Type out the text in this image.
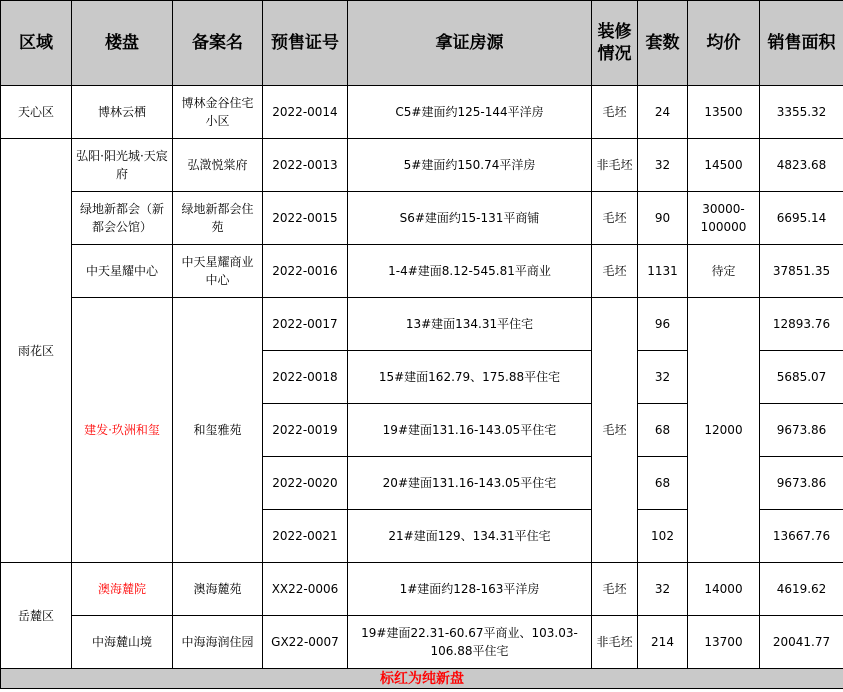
区域	楼盘	备案名	预售证号	拿证房源	装修情况	套数	均价	销售面积
天心区	博林云栖	博林金谷住宅小区	2022-0014	C5#建面约125-144平洋房	毛坯	24	13500	3355.32
雨花区	弘阳·阳光城·天宸府	弘澂悦棠府	2022-0013	5#建面约150.74平洋房	非毛坯	32	14500	4823.68
	绿地新都会（新都会公馆）	绿地新都会住苑	2022-0015	S6#建面约15-131平商铺	毛坯	90	30000-100000	6695.14
	中天星耀中心	中天星耀商业中心	2022-0016	1-4#建面8.12-545.81平商业	毛坯	1131	待定	37851.35
	建发·玖洲和玺	和玺雅苑	2022-0017	13#建面134.31平住宅	毛坯	96	12000	12893.76
			2022-0018	15#建面162.79、175.88平住宅		32		5685.07
			2022-0019	19#建面131.16-143.05平住宅		68		9673.86
			2022-0020	20#建面131.16-143.05平住宅		68		9673.86
			2022-0021	21#建面129、134.31平住宅		102		13667.76
岳麓区	澳海麓院	澳海麓苑	XX22-0006	1#建面约128-163平洋房	毛坯	32	14000	4619.62
	中海麓山境	中海海润住园	GX22-0007	19#建面22.31-60.67平商业、103.03-106.88平住宅	非毛坯	214	13700	20041.77
标红为纯新盘								
